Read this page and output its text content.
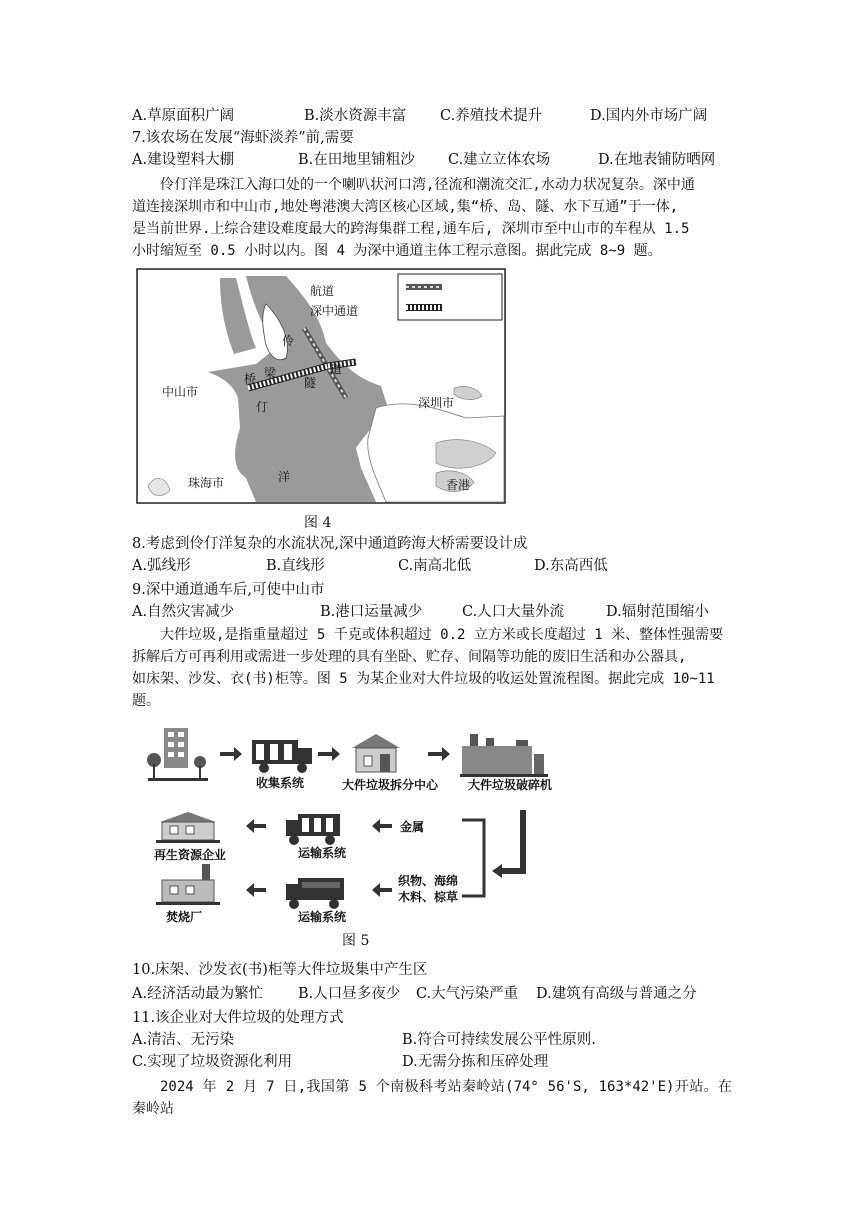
A.草原面积广阔	B.淡水资源丰富	C.养殖技术提升	D.国内外市场广阔
7.该农场在发展“海虾淡养”前,需要
A.建设塑料大棚	B.在田地里铺粗沙	C.建立立体农场	D.在地表铺防晒网

伶仃洋是珠江入海口处的一个喇叭状河口湾,径流和潮流交汇,水动力状况复杂。深中通

道连接深圳市和中山市,地处粤港澳大湾区核心区域,集“桥、岛、隧、水下互通”于一体,

是当前世界.上综合建设难度最大的跨海集群工程,通车后, 深圳市至中山市的车程从 1.5

小时缩短至 0.5 小时以内。图 4 为深中通道主体工程示意图。据此完成 8~9 题。

航道
深中通道
中山市
深圳市
珠海市	香港
伶
仃
洋
桥 梁
隧
道
图 4
8.考虑到伶仃洋复杂的水流状况,深中通道跨海大桥需要设计成
A.弧线形	B.直线形	C.南高北低	D.东高西低
9.深中通道通车后,可使中山市
A.自然灾害减少	B.港口运量减少	C.人口大量外流	D.辐射范围缩小

大件垃圾,是指重量超过 5 千克或体积超过 0.2 立方米或长度超过 1 米、整体性强需要

拆解后方可再利用或需进一步处理的具有坐卧、贮存、间隔等功能的废旧生活和办公器具,

如床架、沙发、衣(书)柜等。图 5 为某企业对大件垃圾的收运处置流程图。据此完成 10~11

题。

收集系统	大件垃圾拆分中心 大件垃圾破碎机
金属
织物、海绵
木料、棕草
运输系统
运输系统
再生资源企业
焚烧厂
图 5
10.床架、沙发衣(书)柜等大件垃圾集中产生区
A.经济活动最为繁忙	B.人口昼多夜少	C.大气污染严重	D.建筑有高级与普通之分
11.该企业对大件垃圾的处理方式
A.清洁、无污染	B.符合可持续发展公平性原则.
C.实现了垃圾资源化利用	D.无需分拣和压碎处理

2024 年 2 月 7 日,我国第 5 个南极科考站秦岭站(74° 56'S, 163*42'E)开站。在秦岭站
